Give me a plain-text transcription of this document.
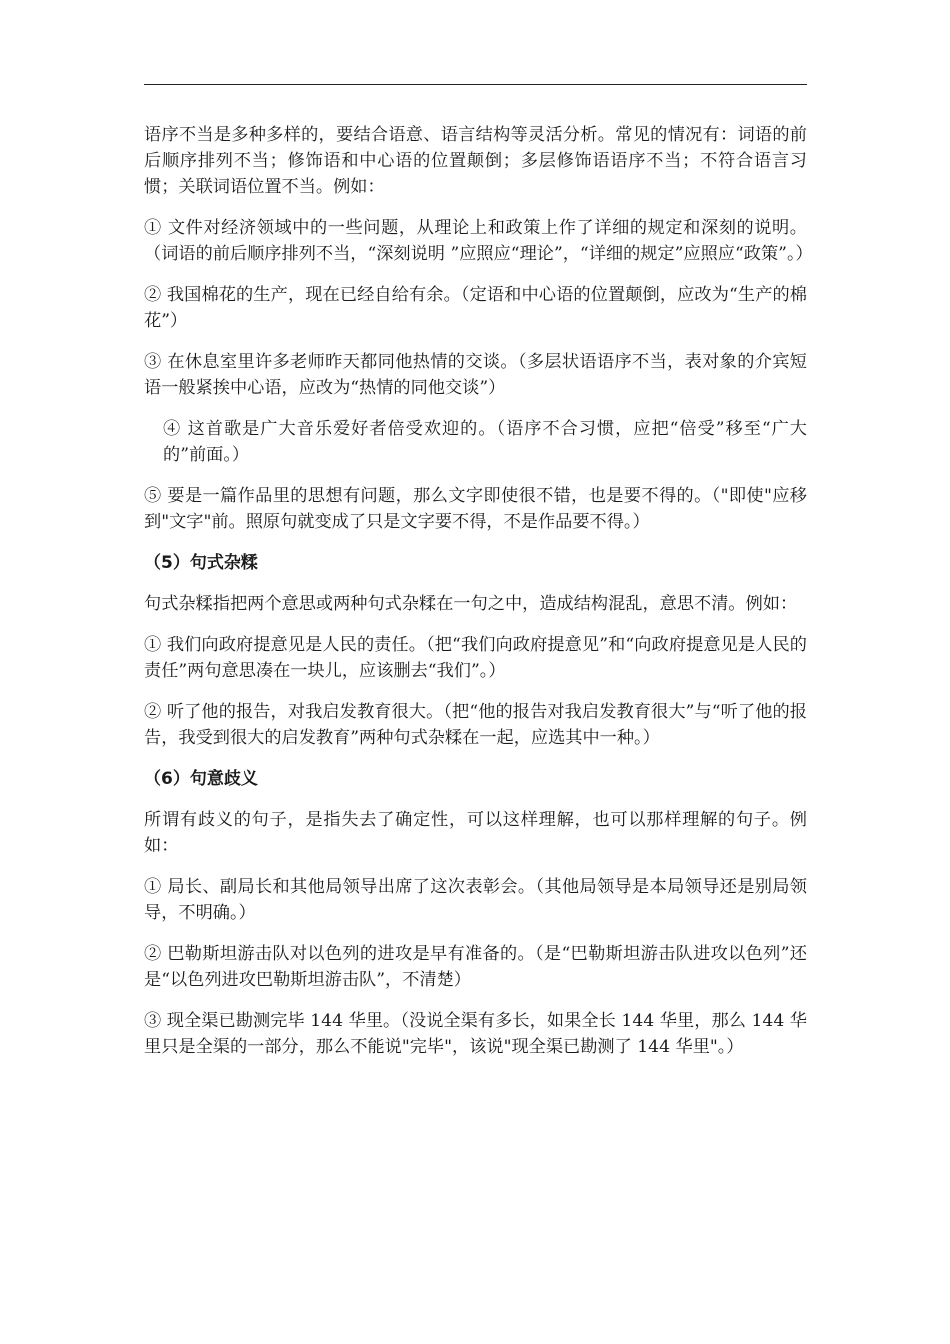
语序不当是多种多样的，要结合语意、语言结构等灵活分析。常见的情况有：词语的前后顺序排列不当；修饰语和中心语的位置颠倒；多层修饰语语序不当；不符合语言习惯；关联词语位置不当。例如：

① 文件对经济领域中的一些问题，从理论上和政策上作了详细的规定和深刻的说明。（词语的前后顺序排列不当，“深刻说明 ”应照应“理论”，“详细的规定”应照应“政策”。）

② 我国棉花的生产，现在已经自给有余。（定语和中心语的位置颠倒，应改为“生产的棉花”）

③ 在休息室里许多老师昨天都同他热情的交谈。（多层状语语序不当，表对象的介宾短语一般紧挨中心语，应改为“热情的同他交谈”）

④ 这首歌是广大音乐爱好者倍受欢迎的。（语序不合习惯，应把“倍受”移至“广大的”前面。）

⑤ 要是一篇作品里的思想有问题，那么文字即使很不错，也是要不得的。（"即使"应移到"文字"前。照原句就变成了只是文字要不得，不是作品要不得。）

（5）句式杂糅

句式杂糅指把两个意思或两种句式杂糅在一句之中，造成结构混乱，意思不清。例如：

① 我们向政府提意见是人民的责任。（把“我们向政府提意见”和“向政府提意见是人民的责任”两句意思凑在一块儿，应该删去“我们”。）

② 听了他的报告，对我启发教育很大。（把“他的报告对我启发教育很大”与“听了他的报告，我受到很大的启发教育”两种句式杂糅在一起，应选其中一种。）

（6）句意歧义

所谓有歧义的句子，是指失去了确定性，可以这样理解，也可以那样理解的句子。例如：

① 局长、副局长和其他局领导出席了这次表彰会。（其他局领导是本局领导还是别局领导，不明确。）

② 巴勒斯坦游击队对以色列的进攻是早有准备的。（是“巴勒斯坦游击队进攻以色列”还是“以色列进攻巴勒斯坦游击队”，不清楚）

③ 现全渠已勘测完毕 144 华里。（没说全渠有多长，如果全长 144 华里，那么 144 华里只是全渠的一部分，那么不能说"完毕"，该说"现全渠已勘测了 144 华里"。）
